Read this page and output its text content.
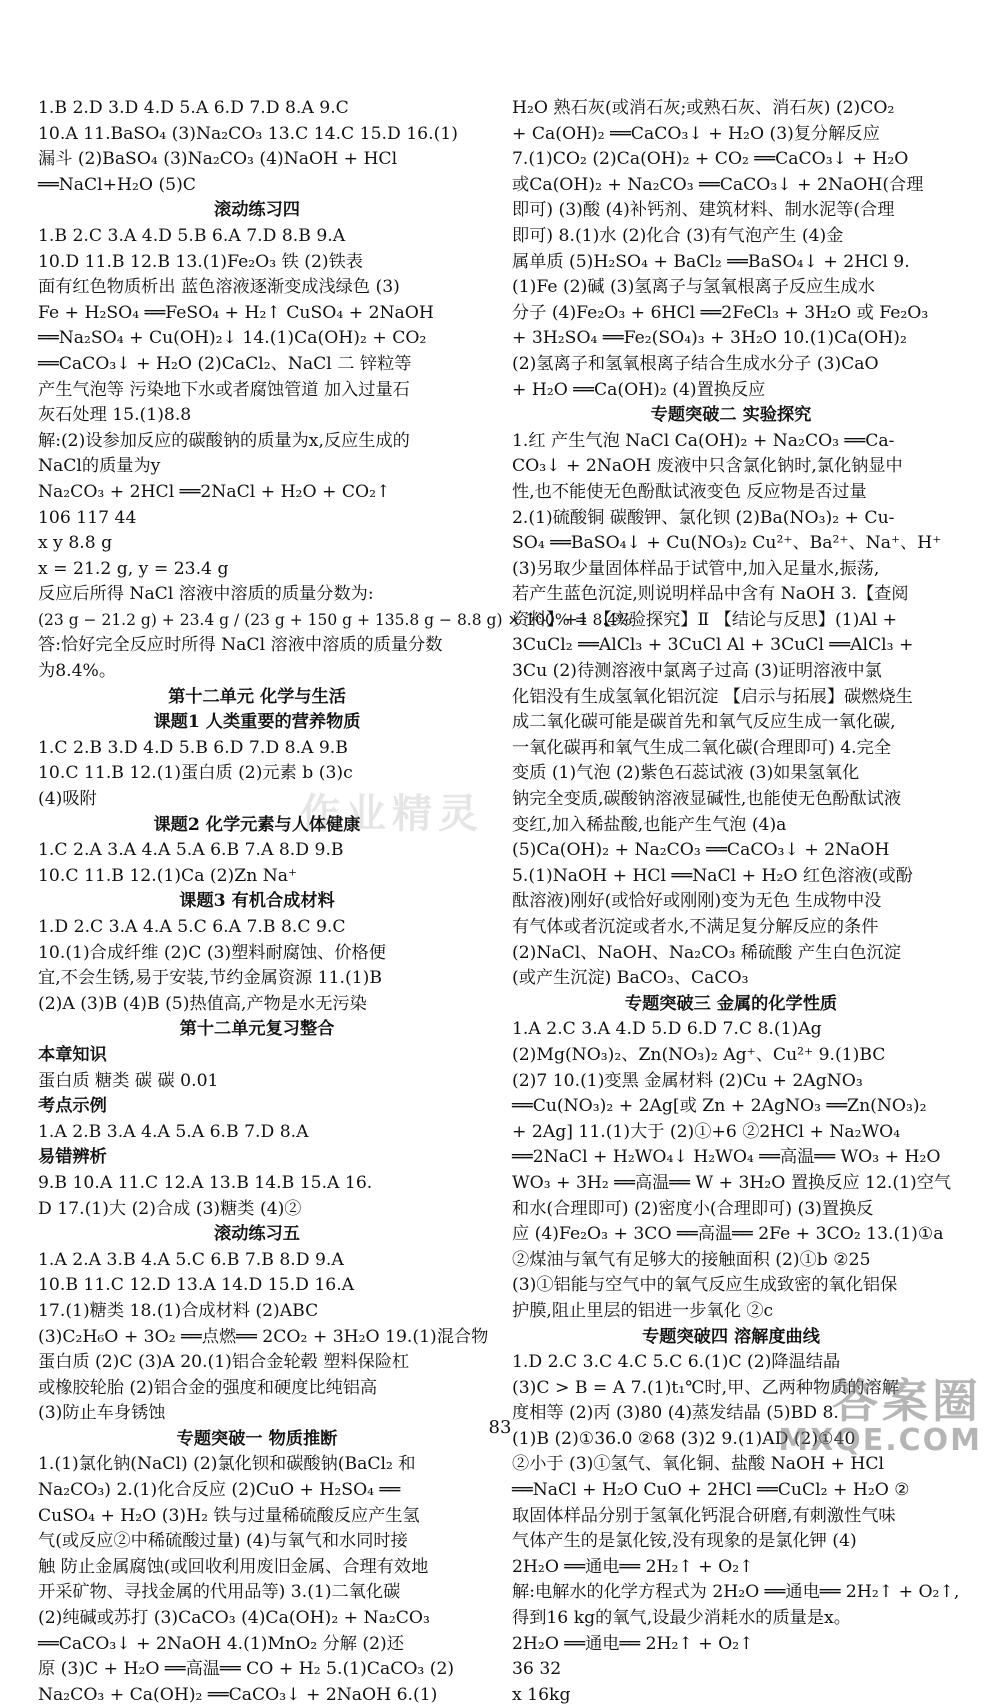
1.B 2.D 3.D 4.D 5.A 6.D 7.D 8.A 9.C
10.A 11.BaSO₄ (3)Na₂CO₃ 13.C 14.C 15.D 16.(1)
漏斗 (2)BaSO₄ (3)Na₂CO₃ (4)NaOH + HCl
══NaCl+H₂O (5)C
滚动练习四
1.B 2.C 3.A 4.D 5.B 6.A 7.D 8.B 9.A
10.D 11.B 12.B 13.(1)Fe₂O₃ 铁 (2)铁表
面有红色物质析出 蓝色溶液逐渐变成浅绿色 (3)
Fe + H₂SO₄ ══FeSO₄ + H₂↑ CuSO₄ + 2NaOH
══Na₂SO₄ + Cu(OH)₂↓ 14.(1)Ca(OH)₂ + CO₂
══CaCO₃↓ + H₂O (2)CaCl₂、NaCl 二 锌粒等
产生气泡等 污染地下水或者腐蚀管道 加入过量石
灰石处理 15.(1)8.8
解:(2)设参加反应的碳酸钠的质量为x,反应生成的
NaCl的质量为y
Na₂CO₃ + 2HCl ══2NaCl + H₂O + CO₂↑
106 117 44
x y 8.8 g
x = 21.2 g, y = 23.4 g
反应后所得 NaCl 溶液中溶质的质量分数为:
(23 g − 21.2 g) + 23.4 g / (23 g + 150 g + 135.8 g − 8.8 g) × 100% = 8.4%
答:恰好完全反应时所得 NaCl 溶液中溶质的质量分数
为8.4%。
第十二单元 化学与生活
课题1 人类重要的营养物质
1.C 2.B 3.D 4.D 5.B 6.D 7.D 8.A 9.B
10.C 11.B 12.(1)蛋白质 (2)元素 b (3)c
(4)吸附
课题2 化学元素与人体健康
1.C 2.A 3.A 4.A 5.A 6.B 7.A 8.D 9.B
10.C 11.B 12.(1)Ca (2)Zn Na⁺
课题3 有机合成材料
1.D 2.C 3.A 4.A 5.C 6.A 7.B 8.C 9.C
10.(1)合成纤维 (2)C (3)塑料耐腐蚀、价格便
宜,不会生锈,易于安装,节约金属资源 11.(1)B
(2)A (3)B (4)B (5)热值高,产物是水无污染
第十二单元复习整合
本章知识
蛋白质 糖类 碳 碳 0.01
考点示例
1.A 2.B 3.A 4.A 5.A 6.B 7.D 8.A
易错辨析
9.B 10.A 11.C 12.A 13.B 14.B 15.A 16.
D 17.(1)大 (2)合成 (3)糖类 (4)②
滚动练习五
1.A 2.A 3.B 4.A 5.C 6.B 7.B 8.D 9.A
10.B 11.C 12.D 13.A 14.D 15.D 16.A
17.(1)糖类 18.(1)合成材料 (2)ABC
(3)C₂H₆O + 3O₂ ══点燃══ 2CO₂ + 3H₂O 19.(1)混合物
蛋白质 (2)C (3)A 20.(1)铝合金轮毂 塑料保险杠
或橡胶轮胎 (2)铝合金的强度和硬度比纯铝高
(3)防止车身锈蚀
专题突破一 物质推断
1.(1)氯化钠(NaCl) (2)氯化钡和碳酸钠(BaCl₂ 和
Na₂CO₃) 2.(1)化合反应 (2)CuO + H₂SO₄ ══
CuSO₄ + H₂O (3)H₂ 铁与过量稀硫酸反应产生氢
气(或反应②中稀硫酸过量) (4)与氧气和水同时接
触 防止金属腐蚀(或回收利用废旧金属、合理有效地
开采矿物、寻找金属的代用品等) 3.(1)二氧化碳
(2)纯碱或苏打 (3)CaCO₃ (4)Ca(OH)₂ + Na₂CO₃
══CaCO₃↓ + 2NaOH 4.(1)MnO₂ 分解 (2)还
原 (3)C + H₂O ══高温══ CO + H₂ 5.(1)CaCO₃ (2)
Na₂CO₃ + Ca(OH)₂ ══CaCO₃↓ + 2NaOH 6.(1)
H₂O 熟石灰(或消石灰;或熟石灰、消石灰) (2)CO₂
+ Ca(OH)₂ ══CaCO₃↓ + H₂O (3)复分解反应
7.(1)CO₂ (2)Ca(OH)₂ + CO₂ ══CaCO₃↓ + H₂O
或Ca(OH)₂ + Na₂CO₃ ══CaCO₃↓ + 2NaOH(合理
即可) (3)酸 (4)补钙剂、建筑材料、制水泥等(合理
即可) 8.(1)水 (2)化合 (3)有气泡产生 (4)金
属单质 (5)H₂SO₄ + BaCl₂ ══BaSO₄↓ + 2HCl 9.
(1)Fe (2)碱 (3)氢离子与氢氧根离子反应生成水
分子 (4)Fe₂O₃ + 6HCl ══2FeCl₃ + 3H₂O 或 Fe₂O₃
+ 3H₂SO₄ ══Fe₂(SO₄)₃ + 3H₂O 10.(1)Ca(OH)₂
(2)氢离子和氢氧根离子结合生成水分子 (3)CaO
+ H₂O ══Ca(OH)₂ (4)置换反应
专题突破二 实验探究
1.红 产生气泡 NaCl Ca(OH)₂ + Na₂CO₃ ══Ca-
CO₃↓ + 2NaOH 废液中只含氯化钠时,氯化钠显中
性,也不能使无色酚酞试液变色 反应物是否过量
2.(1)硫酸铜 碳酸钾、氯化钡 (2)Ba(NO₃)₂ + Cu-
SO₄ ══BaSO₄↓ + Cu(NO₃)₂ Cu²⁺、Ba²⁺、Na⁺、H⁺
(3)另取少量固体样品于试管中,加入足量水,振荡,
若产生蓝色沉淀,则说明样品中含有 NaOH 3.【查阅
资料】+1 【实验探究】Ⅱ 【结论与反思】(1)Al +
3CuCl₂ ══AlCl₃ + 3CuCl Al + 3CuCl ══AlCl₃ +
3Cu (2)待测溶液中氯离子过高 (3)证明溶液中氯
化铝没有生成氢氧化铝沉淀 【启示与拓展】碳燃烧生
成二氧化碳可能是碳首先和氧气反应生成一氧化碳,
一氧化碳再和氧气生成二氧化碳(合理即可) 4.完全
变质 (1)气泡 (2)紫色石蕊试液 (3)如果氢氧化
钠完全变质,碳酸钠溶液显碱性,也能使无色酚酞试液
变红,加入稀盐酸,也能产生气泡 (4)a
(5)Ca(OH)₂ + Na₂CO₃ ══CaCO₃↓ + 2NaOH
5.(1)NaOH + HCl ══NaCl + H₂O 红色溶液(或酚
酞溶液)刚好(或恰好或刚刚)变为无色 生成物中没
有气体或者沉淀或者水,不满足复分解反应的条件
(2)NaCl、NaOH、Na₂CO₃ 稀硫酸 产生白色沉淀
(或产生沉淀) BaCO₃、CaCO₃
专题突破三 金属的化学性质
1.A 2.C 3.A 4.D 5.D 6.D 7.C 8.(1)Ag
(2)Mg(NO₃)₂、Zn(NO₃)₂ Ag⁺、Cu²⁺ 9.(1)BC
(2)7 10.(1)变黑 金属材料 (2)Cu + 2AgNO₃
══Cu(NO₃)₂ + 2Ag[或 Zn + 2AgNO₃ ══Zn(NO₃)₂
+ 2Ag] 11.(1)大于 (2)①+6 ②2HCl + Na₂WO₄
══2NaCl + H₂WO₄↓ H₂WO₄ ══高温══ WO₃ + H₂O
WO₃ + 3H₂ ══高温══ W + 3H₂O 置换反应 12.(1)空气
和水(合理即可) (2)密度小(合理即可) (3)置换反
应 (4)Fe₂O₃ + 3CO ══高温══ 2Fe + 3CO₂ 13.(1)①a
②煤油与氧气有足够大的接触面积 (2)①b ②25
(3)①铝能与空气中的氧气反应生成致密的氧化铝保
护膜,阻止里层的铝进一步氧化 ②c
专题突破四 溶解度曲线
1.D 2.C 3.C 4.C 5.C 6.(1)C (2)降温结晶
(3)C > B = A 7.(1)t₁℃时,甲、乙两种物质的溶解
度相等 (2)丙 (3)80 (4)蒸发结晶 (5)BD 8.
(1)B (2)①36.0 ②68 (3)2 9.(1)AD (2)①40
②小于 (3)①氢气、氧化铜、盐酸 NaOH + HCl
══NaCl + H₂O CuO + 2HCl ══CuCl₂ + H₂O ②
取固体样品分别于氢氧化钙混合研磨,有刺激性气味
气体产生的是氯化铵,没有现象的是氯化钾 (4)
2H₂O ══通电══ 2H₂↑ + O₂↑
解:电解水的化学方程式为 2H₂O ══通电══ 2H₂↑ + O₂↑,
得到16 kg的氧气,设最少消耗水的质量是x。
2H₂O ══通电══ 2H₂↑ + O₂↑
36 32
x 16kg
作业精灵
83	答案圈
MXQE.COM
